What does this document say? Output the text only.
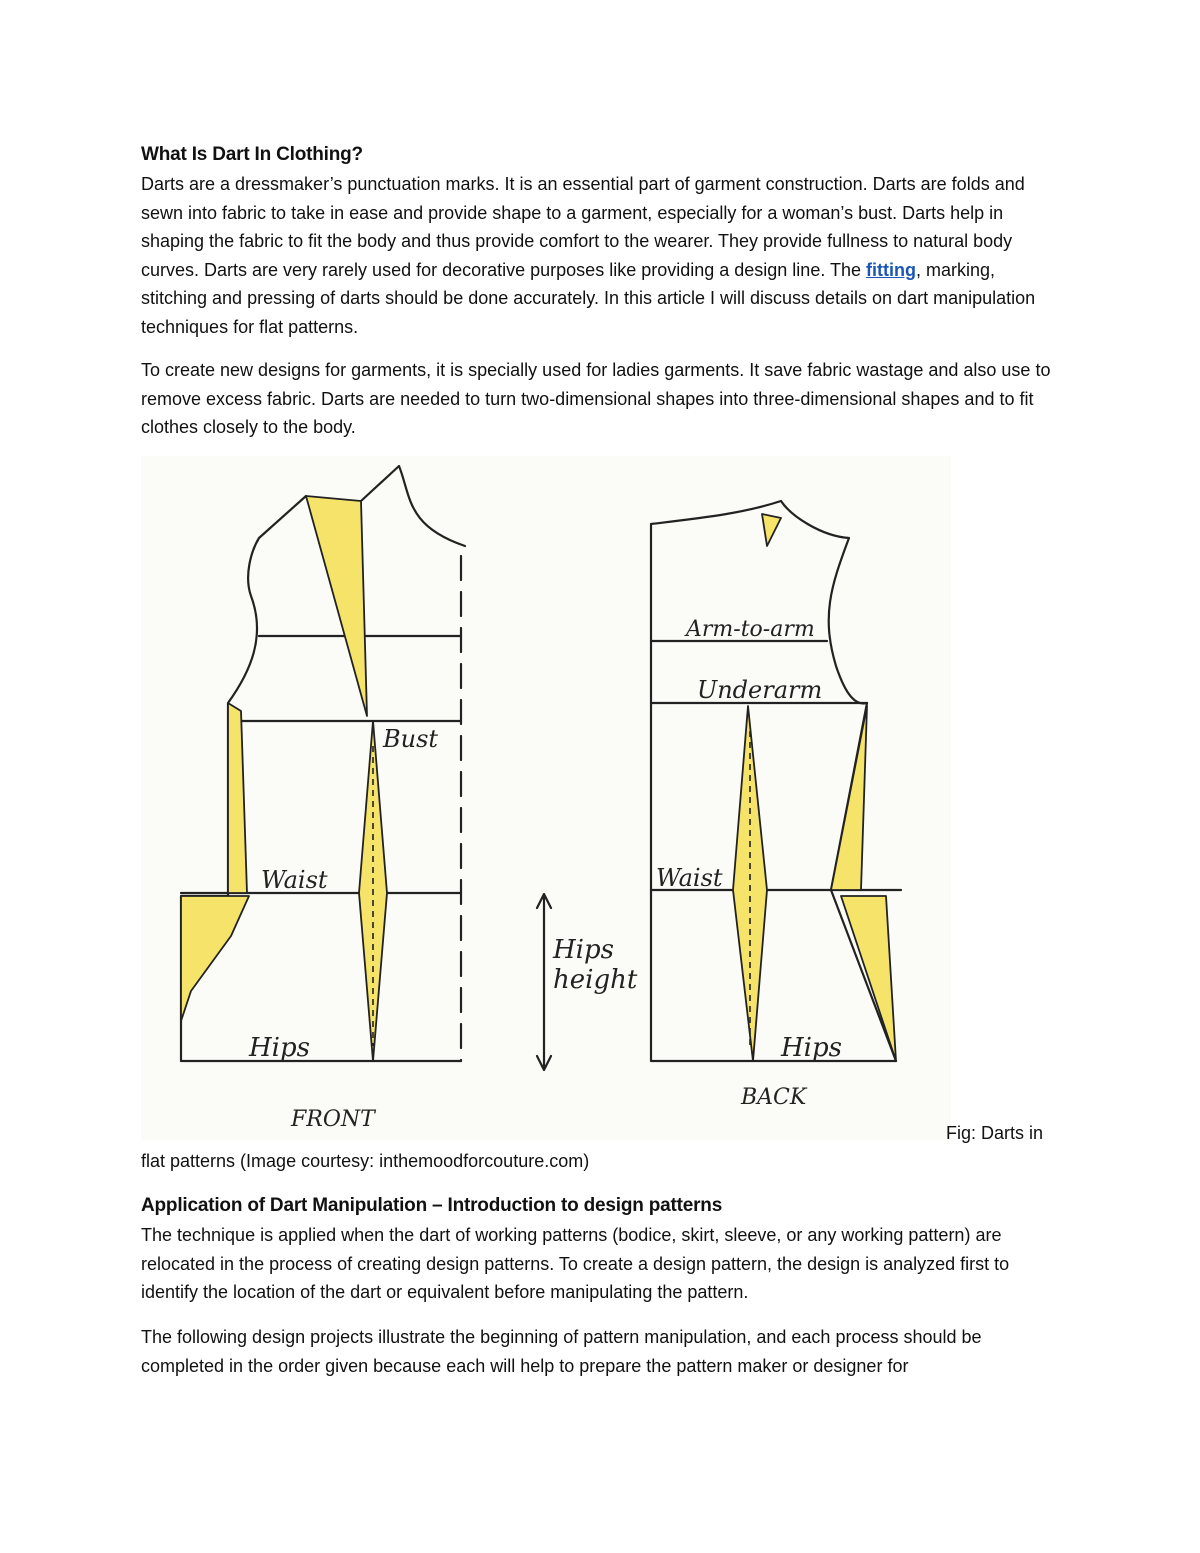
What Is Dart In Clothing?

Darts are a dressmaker’s punctuation marks. It is an essential part of garment construction. Darts are folds and sewn into fabric to take in ease and provide shape to a garment, especially for a woman’s bust. Darts help in shaping the fabric to fit the body and thus provide comfort to the wearer. They provide fullness to natural body curves. Darts are very rarely used for decorative purposes like providing a design line. The fitting, marking, stitching and pressing of darts should be done accurately. In this article I will discuss details on dart manipulation techniques for flat patterns.

To create new designs for garments, it is specially used for ladies garments. It save fabric wastage and also use to remove excess fabric. Darts are needed to turn two-dimensional shapes into three-dimensional shapes and to fit clothes closely to the body.

Bust
Waist
Hips
FRONT
Hips
height
Arm-to-arm
Underarm
Waist
Hips
BACK
Fig: Darts in
flat patterns (Image courtesy: inthemoodforcouture.com)
Application of Dart Manipulation – Introduction to design patterns

The technique is applied when the dart of working patterns (bodice, skirt, sleeve, or any working pattern) are relocated in the process of creating design patterns. To create a design pattern, the design is analyzed first to identify the location of the dart or equivalent before manipulating the pattern.

The following design projects illustrate the beginning of pattern manipulation, and each process should be completed in the order given because each will help to prepare the pattern maker or designer for
